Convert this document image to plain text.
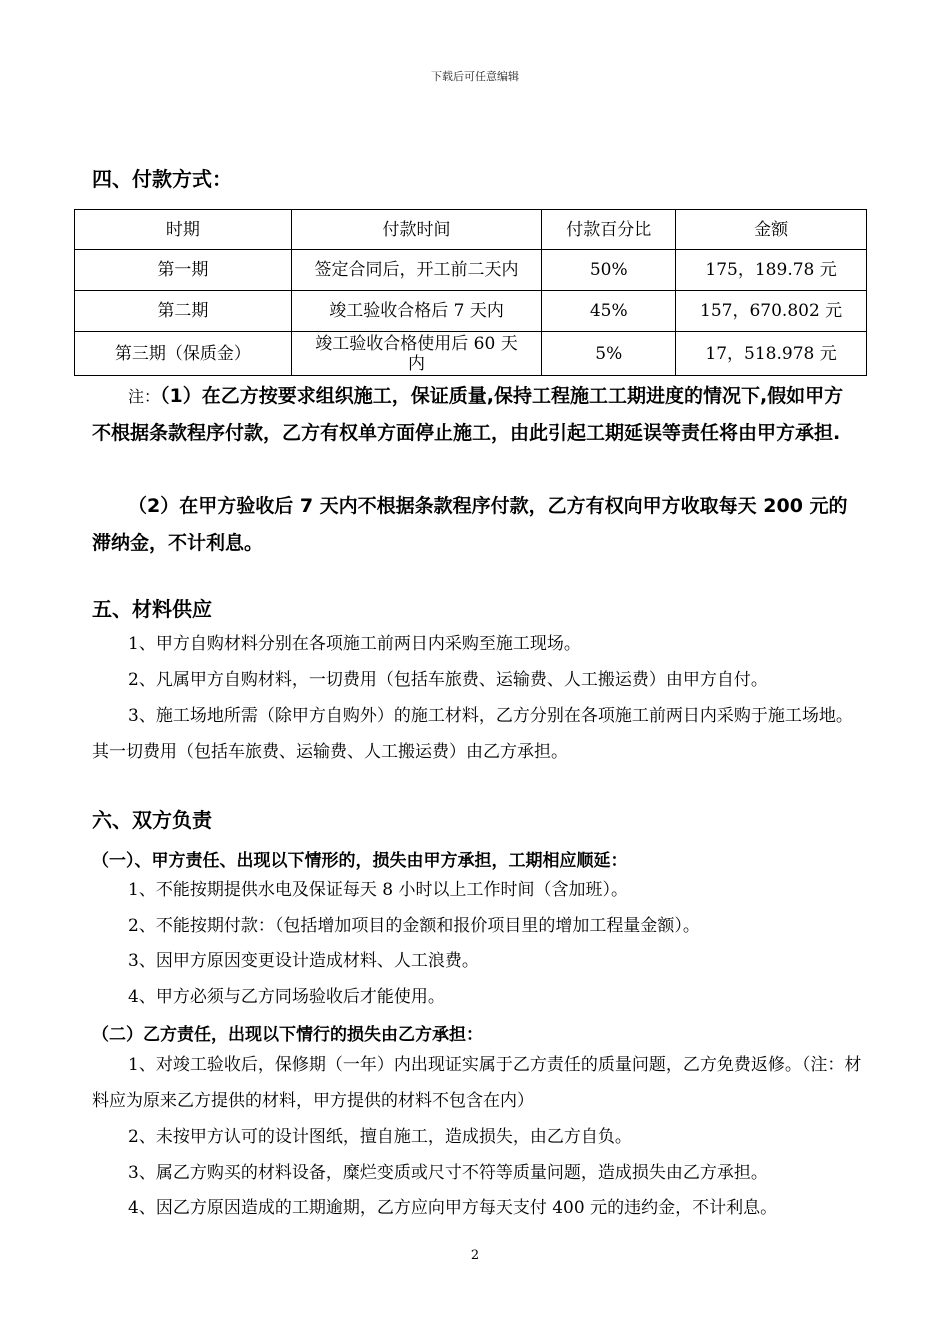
下载后可任意编辑
四、付款方式：
时期	付款时间	付款百分比	金额
第一期	签定合同后，开工前二天内	50%	175，189.78 元
第二期	竣工验收合格后 7 天内	45%	157，670.802 元
第三期（保质金）	竣工验收合格使用后 60 天内	5%	17，518.978 元
注：（1）在乙方按要求组织施工，保证质量,保持工程施工工期进度的情况下,假如甲方不根据条款程序付款，乙方有权单方面停止施工，由此引起工期延误等责任将由甲方承担.
（2）在甲方验收后 7 天内不根据条款程序付款，乙方有权向甲方收取每天 200 元的滞纳金，不计利息。
五、材料供应
1、甲方自购材料分别在各项施工前两日内采购至施工现场。
2、凡属甲方自购材料，一切费用（包括车旅费、运输费、人工搬运费）由甲方自付。
3、施工场地所需（除甲方自购外）的施工材料，乙方分别在各项施工前两日内采购于施工场地。其一切费用（包括车旅费、运输费、人工搬运费）由乙方承担。
六、双方负责
（一）、甲方责任、出现以下情形的，损失由甲方承担，工期相应顺延：
1、不能按期提供水电及保证每天 8 小时以上工作时间（含加班）。
2、不能按期付款：（包括增加项目的金额和报价项目里的增加工程量金额）。
3、因甲方原因变更设计造成材料、人工浪费。
4、甲方必须与乙方同场验收后才能使用。
（二）乙方责任，出现以下情行的损失由乙方承担：
1、对竣工验收后，保修期（一年）内出现证实属于乙方责任的质量问题，乙方免费返修。（注：材料应为原来乙方提供的材料，甲方提供的材料不包含在内）
2、未按甲方认可的设计图纸，擅自施工，造成损失，由乙方自负。
3、属乙方购买的材料设备，糜烂变质或尺寸不符等质量问题，造成损失由乙方承担。
4、因乙方原因造成的工期逾期，乙方应向甲方每天支付 400 元的违约金，不计利息。
2
